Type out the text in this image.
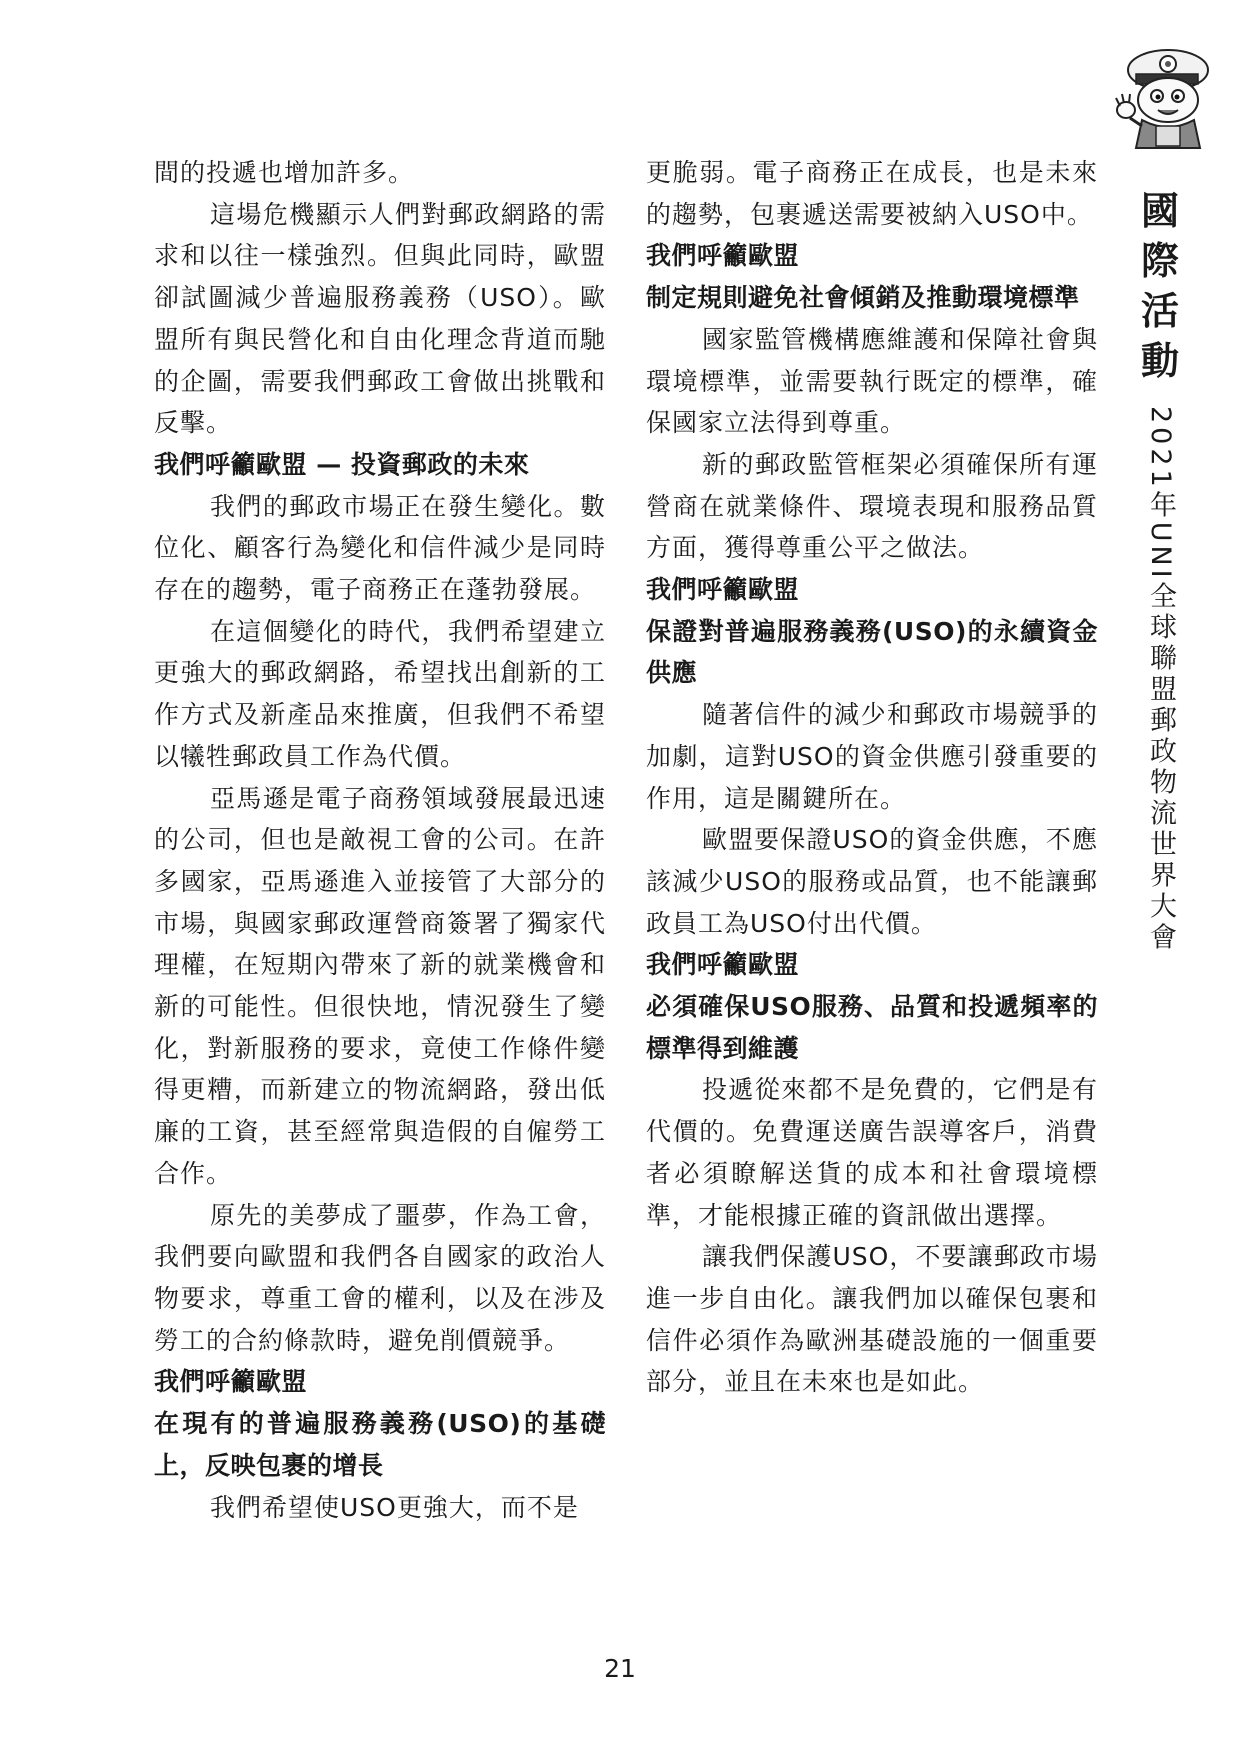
國
際
活
動
2021年UNI全球聯盟郵政物流世界大會

間的投遞也增加許多。

這場危機顯示人們對郵政網路的需求和以往一樣強烈。但與此同時，歐盟卻試圖減少普遍服務義務（USO）。歐盟所有與民營化和自由化理念背道而馳的企圖，需要我們郵政工會做出挑戰和反擊。

我們呼籲歐盟 — 投資郵政的未來

我們的郵政市場正在發生變化。數位化、顧客行為變化和信件減少是同時存在的趨勢，電子商務正在蓬勃發展。

在這個變化的時代，我們希望建立更強大的郵政網路，希望找出創新的工作方式及新產品來推廣，但我們不希望以犧牲郵政員工作為代價。

亞馬遜是電子商務領域發展最迅速的公司，但也是敵視工會的公司。在許多國家，亞馬遜進入並接管了大部分的市場，與國家郵政運營商簽署了獨家代理權，在短期內帶來了新的就業機會和新的可能性。但很快地，情況發生了變化，對新服務的要求，竟使工作條件變得更糟，而新建立的物流網路，發出低廉的工資，甚至經常與造假的自僱勞工合作。

原先的美夢成了噩夢，作為工會，我們要向歐盟和我們各自國家的政治人物要求，尊重工會的權利，以及在涉及勞工的合約條款時，避免削價競爭。

我們呼籲歐盟
在現有的普遍服務義務(USO)的基礎上，反映包裹的增長

我們希望使USO更強大，而不是

更脆弱。電子商務正在成長，也是未來的趨勢，包裹遞送需要被納入USO中。

我們呼籲歐盟
制定規則避免社會傾銷及推動環境標準

國家監管機構應維護和保障社會與環境標準，並需要執行既定的標準，確保國家立法得到尊重。

新的郵政監管框架必須確保所有運營商在就業條件、環境表現和服務品質方面，獲得尊重公平之做法。

我們呼籲歐盟
保證對普遍服務義務(USO)的永續資金供應

隨著信件的減少和郵政市場競爭的加劇，這對USO的資金供應引發重要的作用，這是關鍵所在。

歐盟要保證USO的資金供應，不應該減少USO的服務或品質，也不能讓郵政員工為USO付出代價。

我們呼籲歐盟
必須確保USO服務、品質和投遞頻率的標準得到維護

投遞從來都不是免費的，它們是有代價的。免費運送廣告誤導客戶，消費者必須瞭解送貨的成本和社會環境標準，才能根據正確的資訊做出選擇。

讓我們保護USO，不要讓郵政市場進一步自由化。讓我們加以確保包裹和信件必須作為歐洲基礎設施的一個重要部分，並且在未來也是如此。

21
